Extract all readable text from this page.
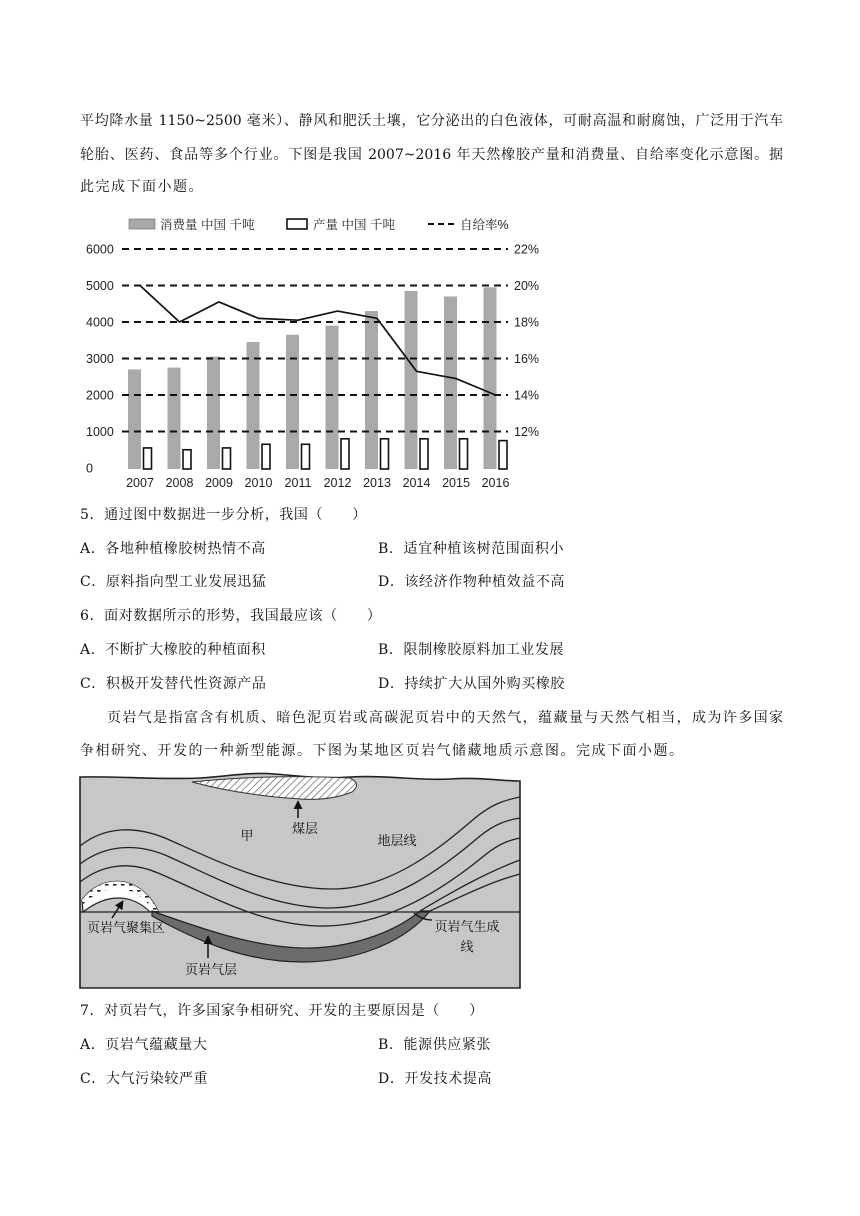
平均降水量 1150~2500 毫米）、静风和肥沃土壤，它分泌出的白色液体，可耐高温和耐腐蚀，广泛用于汽车
轮胎、医药、食品等多个行业。下图是我国 2007~2016 年天然橡胶产量和消费量、自给率变化示意图。据
此完成下面小题。
2007 2008 2009 2010 2011 2012 2013 2014 2015 2016
6000
5000
4000
3000
2000
1000
0
22%
20%
18%
16%
14%
12%
消费量 中国 千吨	产量 中国 千吨	自给率%
5．通过图中数据进一步分析，我国（　　）
A．各地种植橡胶树热情不高	B．适宜种植该树范围面积小
C．原料指向型工业发展迅猛	D．该经济作物种植效益不高
6．面对数据所示的形势，我国最应该（　　）
A．不断扩大橡胶的种植面积	B．限制橡胶原料加工业发展
C．积极开发替代性资源产品	D．持续扩大从国外购买橡胶
页岩气是指富含有机质、暗色泥页岩或高碳泥页岩中的天然气，蕴藏量与天然气相当，成为许多国家
争相研究、开发的一种新型能源。下图为某地区页岩气储藏地质示意图。完成下面小题。
甲	煤层
地层线
页岩气聚集区
页岩气层
页岩气生成
线
7．对页岩气，许多国家争相研究、开发的主要原因是（　　）
A．页岩气蕴藏量大	B．能源供应紧张
C．大气污染较严重	D．开发技术提高
